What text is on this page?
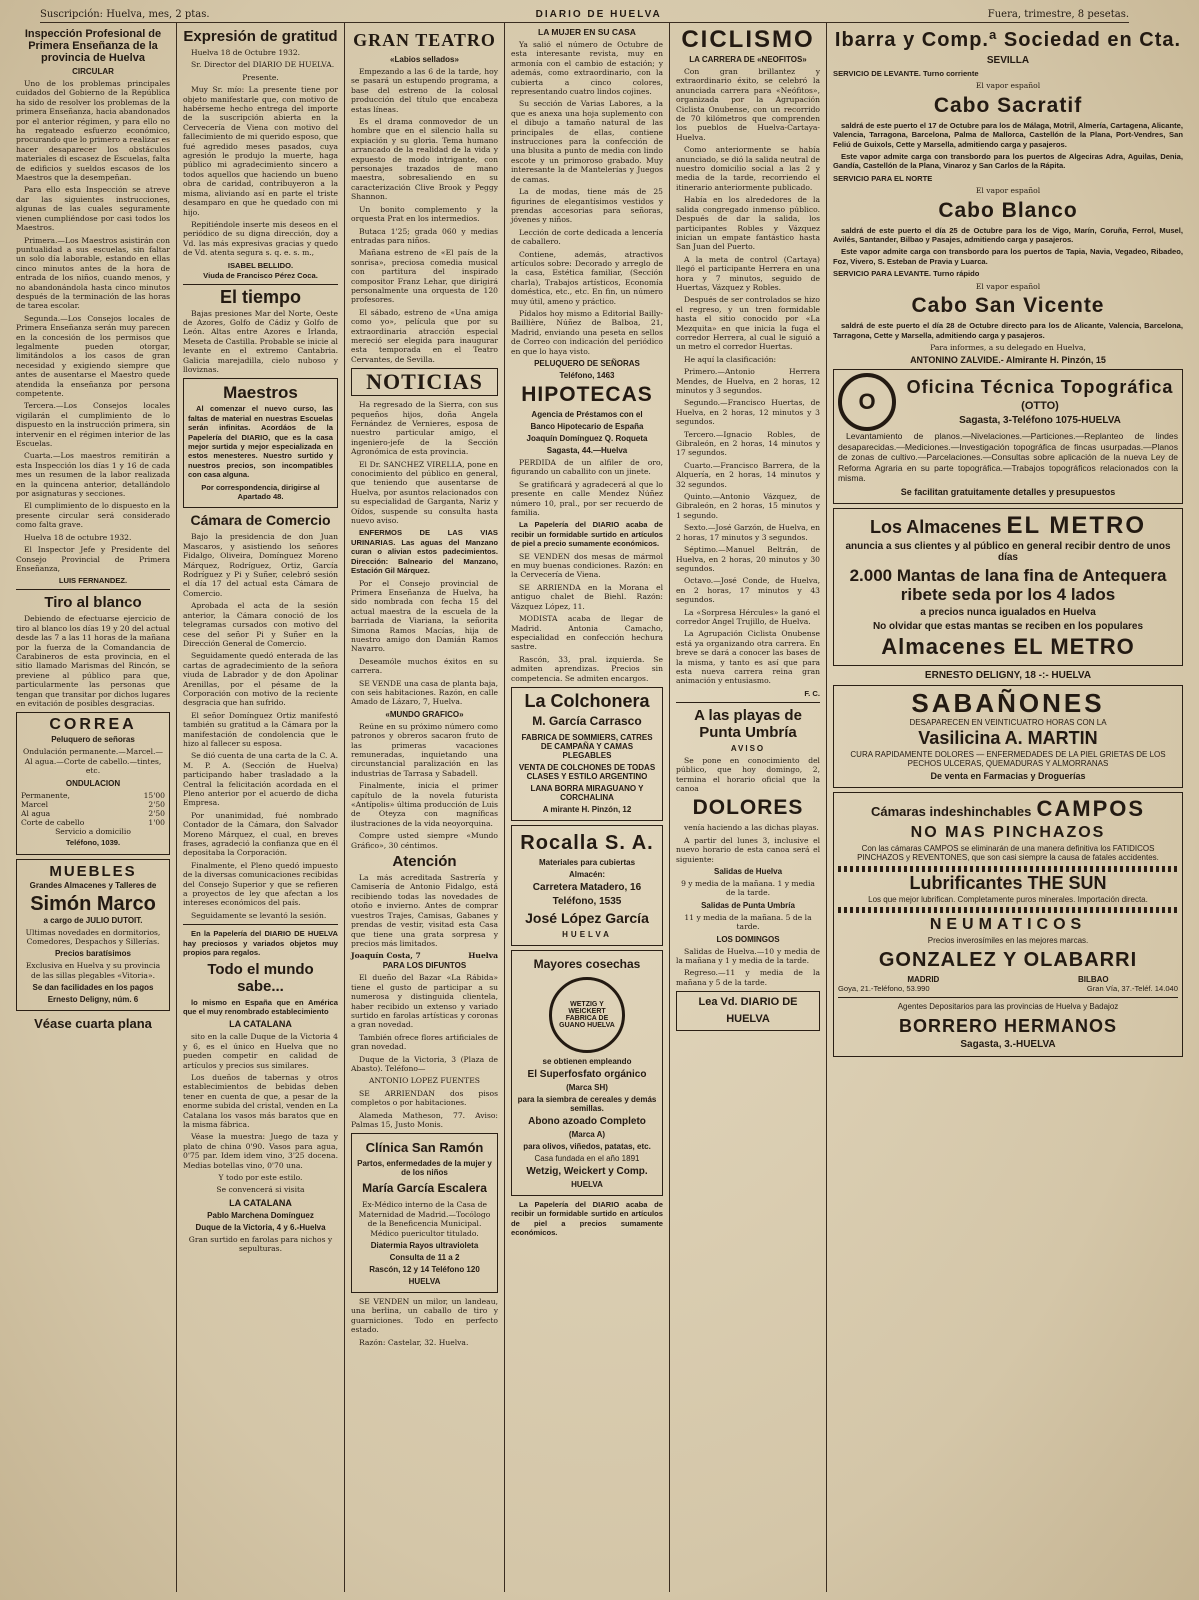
Suscripción: Huelva, mes, 2 ptas.	DIARIO DE HUELVA	Fuera, trimestre, 8 pesetas.
Inspección Profesional de Primera Enseñanza de la provincia de Huelva
CIRCULAR

Uno de los problemas principales cuidados del Gobierno de la República ha sido de resolver los problemas de la primera Enseñanza, hacia abandonados por el anterior régimen, y para ello no ha regateado esfuerzo económico, procurando que lo primero a realizar es hacer desaparecer los obstáculos materiales di escasez de Escuelas, falta de edificios y sueldos escasos de los Maestros que la desempeñan.

Para ello esta Inspección se atreve dar las siguientes instrucciones, algunas de las cuales seguramente vienen cumpliéndose por casi todos los Maestros.

Primera.—Los Maestros asistirán con puntualidad a sus escuelas, sin faltar un solo día laborable, estando en ellas cinco minutos antes de la hora de entrada de los niños, cuando menos, y no abandonándola hasta cinco minutos después de la terminación de las horas de tarea escolar.

Segunda.—Los Consejos locales de Primera Enseñanza serán muy parecen en la concesión de los permisos que legalmente pueden otorgar, limitándolos a los casos de gran necesidad y exigiendo siempre que antes de ausentarse el Maestro quede atendida la enseñanza por persona competente.

Tercera.—Los Consejos locales vigilarán el cumplimiento de lo dispuesto en la instrucción primera, sin intervenir en el régimen interior de las Escuelas.

Cuarta.—Los maestros remitirán a esta Inspección los días 1 y 16 de cada mes un resumen de la labor realizada en la quincena anterior, detallándolo por asignaturas y secciones.

El cumplimiento de lo dispuesto en la presente circular será considerado como falta grave.

Huelva 18 de octubre 1932.

El Inspector Jefe y Presidente del Consejo Provincial de Primera Enseñanza,

LUIS FERNANDEZ.
Tiro al blanco

Debiendo de efectuarse ejercicio de tiro al blanco los días 19 y 20 del actual desde las 7 a las 11 horas de la mañana por la fuerza de la Comandancia de Carabineros de esta provincia, en el sitio llamado Marismas del Rincón, se previene al público para que, particularmente las personas que tengan que transitar por dichos lugares en evitación de posibles desgracias.

CORREA
Peluquero de señoras

Ondulación permanente.—Marcel.—Al agua.—Corte de cabello.—tintes, etc.

ONDULACION
Permanente,	15'00
Marcel	2'50
Al agua	2'50
Corte de cabello	1'00
Servicio a domicilio
Teléfono, 1039.
MUEBLES
Grandes Almacenes y Talleres de
Simón Marco
a cargo de JULIO DUTOIT.

Ultimas novedades en dormitorios, Comedores, Despachos y Sillerías.

Precios baratísimos

Exclusiva en Huelva y su provincia de las sillas plegables «Vitoria».

Se dan facilidades en los pagos
Ernesto Deligny, núm. 6
Véase cuarta plana
Expresión de gratitud

Huelva 18 de Octubre 1932.

Sr. Director del DIARIO DE HUELVA.

Presente.

Muy Sr. mío: La presente tiene por objeto manifestarle que, con motivo de habérseme hecho entrega del importe de la suscripción abierta en la Cervecería de Viena con motivo del fallecimiento de mi querido esposo, que fué agredido meses pasados, cuya agresión le produjo la muerte, haga público mi agradecimiento sincero a todos aquellos que haciendo un bueno obra de caridad, contribuyeron a la misma, aliviando así en parte el triste desamparo en que he quedado con mi hijo.

Repitiéndole inserte mis deseos en el periódico de su digna dirección, doy a Vd. las más expresivas gracias y quedo de Vd. atenta segura s. q. e. s. m.,

ISABEL BELLIDO.
Viuda de Francisco Pérez Coca.
El tiempo

Bajas presiones Mar del Norte, Oeste de Azores, Golfo de Cádiz y Golfo de León. Altas entre Azores e Irlanda, Meseta de Castilla. Probable se inicie al levante en el extremo Cantabria. Galicia marejadilla, cielo nuboso y lloviznas.

Maestros

Al comenzar el nuevo curso, las faltas de material en nuestras Escuelas serán infinitas. Acordáos de la Papelería del DIARIO, que es la casa mejor surtida y mejor especializada en estos menesteres. Nuestro surtido y nuestros precios, son incompatibles con casa alguna.

Por correspondencia, dirigirse al Apartado 48.

Cámara de Comercio

Bajo la presidencia de don Juan Mascaros, y asistiendo los señores Fidalgo, Oliveira, Domínguez Moreno Márquez, Rodríguez, Ortiz, García Rodríguez y Pi y Suñer, celebró sesión el día 17 del actual esta Cámara de Comercio.

Aprobada el acta de la sesión anterior, la Cámara conoció de los telegramas cursados con motivo del cese del señor Pi y Suñer en la Dirección General de Comercio.

Seguidamente quedó enterada de las cartas de agradecimiento de la señora viuda de Labrador y de don Apolinar Arenillas, por el pésame de la Corporación con motivo de la reciente desgracia que han sufrido.

El señor Domínguez Ortiz manifestó también su gratitud a la Cámara por la manifestación de condolencia que le hizo al fallecer su esposa.

Se dió cuenta de una carta de la C. A. M. P. A. (Sección de Huelva) participando haber trasladado a la Central la felicitación acordada en el Pleno anterior por el acuerdo de dicha Empresa.

Por unanimidad, fué nombrado Contador de la Cámara, don Salvador Moreno Márquez, el cual, en breves frases, agradeció la confianza que en él depositaba la Corporación.

Finalmente, el Pleno quedó impuesto de la diversas comunicaciones recibidas del Consejo Superior y que se refieren a proyectos de ley que afectan a los intereses económicos del país.

Seguidamente se levantó la sesión.

En la Papelería del DIARIO DE HUELVA hay preciosos y variados objetos muy propios para regalos.

Todo el mundo sabe...

lo mismo en España que en América que el muy renombrado establecimiento

LA CATALANA

sito en la calle Duque de la Victoria 4 y 6, es el único en Huelva que no pueden competir en calidad de artículos y precios sus similares.

Los dueños de tabernas y otros establecimientos de bebidas deben tener en cuenta de que, a pesar de la enorme subida del cristal, venden en La Catalana los vasos más baratos que en la misma fábrica.

Véase la muestra: Juego de taza y plato de china 0'90. Vasos para agua, 0'75 par. Idem idem vino, 3'25 docena. Medias botellas vino, 0'70 una.

Y todo por este estilo.

Se convencerá si visita

LA CATALANA
Pablo Marchena Domínguez
Duque de la Victoria, 4 y 6.-Huelva

Gran surtido en farolas para nichos y sepulturas.

GRAN TEATRO
«Labios sellados»

Empezando a las 6 de la tarde, hoy se pasará un estupendo programa, a base del estreno de la colosal producción del título que encabeza estas líneas.

Es el drama conmovedor de un hombre que en el silencio halla su expiación y su gloria. Tema humano arrancado de la realidad de la vida y expuesto de modo intrigante, con personajes trazados de mano maestra, sobresaliendo en su caracterización Clive Brook y Peggy Shannon.

Un bonito complemento y la orquesta Prat en los intermedios.

Butaca 1'25; grada 060 y medias entradas para niños.

Mañana estreno de «El país de la sonrisa», preciosa comedia musical con partitura del inspirado compositor Franz Lehar, que dirigirá personalmente una orquesta de 120 profesores.

El sábado, estreno de «Una amiga como yo», película que por su extraordinaria atracción especial mereció ser elegida para inaugurar esta temporada en el Teatro Cervantes, de Sevilla.

NOTICIAS

Ha regresado de la Sierra, con sus pequeños hijos, doña Angela Fernández de Vernieres, esposa de nuestro particular amigo, el ingeniero-jefe de la Sección Agronómica de esta provincia.

El Dr. SANCHEZ VIRELLA, pone en conocimiento del público en general, que teniendo que ausentarse de Huelva, por asuntos relacionados con su especialidad de Garganta, Nariz y Oídos, suspende su consulta hasta nuevo aviso.

ENFERMOS DE LAS VIAS URINARIAS. Las aguas del Manzano curan o alivian estos padecimientos. Dirección: Balneario del Manzano, Estación Gil Márquez.

Por el Consejo provincial de Primera Enseñanza de Huelva, ha sido nombrada con fecha 15 del actual maestra de la escuela de la barriada de Viariana, la señorita Simona Ramos Macías, hija de nuestro amigo don Damián Ramos Navarro.

Deseamóle muchos éxitos en su carrera.

SE VENDE una casa de planta baja, con seis habitaciones. Razón, en calle Amado de Lázaro, 7, Huelva.

«MUNDO GRAFICO»

Reúne en su próximo número como patronos y obreros sacaron fruto de las primeras vacaciones remuneradas, inquietando una circunstancial paralización en las industrias de Tarrasa y Sabadell.

Finalmente, inicia el primer capítulo de la novela futurista «Antípolis» última producción de Luis de Oteyza con magníficas ilustraciones de la vida neoyorquina.

Compre usted siempre «Mundo Gráfico», 30 céntimos.

Atención

La más acreditada Sastrería y Camisería de Antonio Fidalgo, está recibiendo todas las novedades de otoño e invierno. Antes de comprar vuestros Trajes, Camisas, Gabanes y prendas de vestir, visitad esta Casa que tiene una grata sorpresa y precios más limitados.

Joaquín Costa, 7	Huelva
PARA LOS DIFUNTOS

El dueño del Bazar «La Rábida» tiene el gusto de participar a su numerosa y distinguida clientela, haber recibido un extenso y variado surtido en farolas artísticas y coronas a gran novedad.

También ofrece flores artificiales de gran novedad.

Duque de la Victoria, 3 (Plaza de Abasto). Teléfono—

ANTONIO LOPEZ FUENTES

SE ARRIENDAN dos pisos completos o por habitaciones.

Alameda Matheson, 77. Aviso: Palmas 15, Justo Monis.

Clínica San Ramón
Partos, enfermedades de la mujer y de los niños
María García Escalera

Ex-Médico interno de la Casa de Maternidad de Madrid.—Tocólogo de la Beneficencia Municipal. Médico puericultor titulado.

Diatermia Rayos ultravioleta
Consulta de 11 a 2
Rascón, 12 y 14 Teléfono 120
HUELVA

SE VENDEN un milor, un landeau, una berlina, un caballo de tiro y guarniciones. Todo en perfecto estado.

Razón: Castelar, 32. Huelva.

LA MUJER EN SU CASA

Ya salió el número de Octubre de esta interesante revista, muy en armonía con el cambio de estación; y además, como extraordinario, con la cubierta a cinco colores, representando cuatro lindos cojines.

Su sección de Varias Labores, a la que es anexa una hoja suplemento con el dibujo a tamaño natural de las principales de ellas, contiene instrucciones para la confección de una blusita a punto de media con lindo escote y un primoroso grabado. Muy interesante la de Mantelerías y Juegos de camas.

La de modas, tiene más de 25 figurines de elegantísimos vestidos y prendas accesorias para señoras, jóvenes y niños.

Lección de corte dedicada a lencería de caballero.

Contiene, además, atractivos artículos sobre: Decorado y arreglo de la casa, Estética familiar, (Sección charla), Trabajos artísticos, Economía doméstica, etc., etc. En fin, un número muy útil, ameno y práctico.

Pídalos hoy mismo a Editorial Bailly-Baillière, Núñez de Balboa, 21, Madrid, enviando una peseta en sellos de Correo con indicación del periódico en que lo haya visto.

PELUQUERO DE SEÑORAS
Teléfono, 1463
HIPOTECAS
Agencia de Préstamos con el
Banco Hipotecario de España
Joaquín Domínguez Q. Roqueta
Sagasta, 44.—Huelva

PERDIDA de un alfiler de oro, figurando un caballito con un jinete.

Se gratificará y agradecerá al que lo presente en calle Mendez Núñez número 10, pral., por ser recuerdo de familia.

La Papelería del DIARIO acaba de recibir un formidable surtido en artículos de piel a precio sumamente económicos.

SE VENDEN dos mesas de mármol en muy buenas condiciones. Razón: en la Cervecería de Viena.

SE ARRIENDA en la Morana el antiguo chalet de Biehl. Razón: Vázquez López, 11.

MODISTA acaba de llegar de Madrid. Antonia Camacho, especialidad en confección hechura sastre.

Rascón, 33, pral. izquierda. Se admiten aprendizas. Precios sin competencia. Se admiten encargos.

La Colchonera
M. García Carrasco
FABRICA DE SOMMIERS, CATRES DE CAMPAÑA Y CAMAS PLEGABLES
VENTA DE COLCHONES DE TODAS CLASES Y ESTILO ARGENTINO
LANA BORRA MIRAGUANO Y CORCHALINA
A mirante H. Pinzón, 12
Rocalla S. A.
Materiales para cubiertas
Almacén:
Carretera Matadero, 16
Teléfono, 1535
José López García
HUELVA
Mayores cosechas
WETZIG Y WEICKERT FABRICA DE GUANO HUELVA
se obtienen empleando
El Superfosfato orgánico
(Marca SH)
para la siembra de cereales y demás semillas.
Abono azoado Completo
(Marca A)
para olivos, viñedos, patatas, etc.
Casa fundada en el año 1891
Wetzig, Weickert y Comp.
HUELVA

La Papelería del DIARIO acaba de recibir un formidable surtido en artículos de piel a precios sumamente económicos.

CICLISMO
LA CARRERA DE «NEOFITOS»

Con gran brillantez y extraordinario éxito, se celebró la anunciada carrera para «Neófitos», organizada por la Agrupación Ciclista Onubense, con un recorrido de 70 kilómetros que comprenden los pueblos de Huelva-Cartaya-Huelva.

Como anteriormente se había anunciado, se dió la salida neutral de nuestro domicilio social a las 2 y media de la tarde, recorriendo el itinerario anteriormente publicado.

Había en los alrededores de la salida congregado inmenso público. Después de dar la salida, los participantes Robles y Vázquez inician un empate fantástico hasta San Juan del Puerto.

A la meta de control (Cartaya) llegó el participante Herrera en una hora y 7 minutos, seguido de Huertas, Vázquez y Robles.

Después de ser controlados se hizo el regreso, y un tren formidable hasta el sitio conocido por «La Mezquita» en que inicia la fuga el corredor Herrera, al cual le siguió a un metro el corredor Huertas.

He aquí la clasificación:

Primero.—Antonio Herrera Mendes, de Huelva, en 2 horas, 12 minutos y 3 segundos.

Segundo.—Francisco Huertas, de Huelva, en 2 horas, 12 minutos y 3 segundos.

Tercero.—Ignacio Robles, de Gibraleón, en 2 horas, 14 minutos y 17 segundos.

Cuarto.—Francisco Barrera, de la Alquería, en 2 horas, 14 minutos y 32 segundos.

Quinto.—Antonio Vázquez, de Gibraleón, en 2 horas, 15 minutos y 1 segundo.

Sexto.—José Garzón, de Huelva, en 2 horas, 17 minutos y 3 segundos.

Séptimo.—Manuel Beltrán, de Huelva, en 2 horas, 20 minutos y 30 segundos.

Octavo.—José Conde, de Huelva, en 2 horas, 17 minutos y 43 segundos.

La «Sorpresa Hércules» la ganó el corredor Angel Trujillo, de Huelva.

La Agrupación Ciclista Onubense está ya organizando otra carrera. En breve se dará a conocer las bases de la misma, y tanto es así que para esta nueva carrera reina gran animación y entusiasmo.

F. C.
A las playas de Punta Umbría
AVISO

Se pone en conocimiento del público, que hoy domingo, 2, termina el horario oficial que la canoa

DOLORES

venía haciendo a las dichas playas.

A partir del lunes 3, inclusive el nuevo horario de esta canoa será el siguiente:

Salidas de Huelva

9 y media de la mañana. 1 y media de la tarde.

Salidas de Punta Umbría

11 y media de la mañana. 5 de la tarde.

LOS DOMINGOS

Salidas de Huelva.—10 y media de la mañana y 1 y media de la tarde.

Regreso.—11 y media de la mañana y 5 de la tarde.

Lea Vd. DIARIO DE HUELVA
Ibarra y Comp.ª Sociedad en Cta.
SEVILLA

SERVICIO DE LEVANTE. Turno corriente

El vapor español

Cabo Sacratif

saldrá de este puerto el 17 de Octubre para los de Málaga, Motril, Almería, Cartagena, Alicante, Valencia, Tarragona, Barcelona, Palma de Mallorca, Castellón de la Plana, Port-Vendres, San Feliú de Guixols, Cette y Marsella, admitiendo carga y pasajeros.

Este vapor admite carga con transbordo para los puertos de Algeciras Adra, Aguilas, Denia, Gandía, Castellón de la Plana, Vinaroz y San Carlos de la Rápita.

SERVICIO PARA EL NORTE

El vapor español

Cabo Blanco

saldrá de este puerto el día 25 de Octubre para los de Vigo, Marín, Coruña, Ferrol, Musel, Avilés, Santander, Bilbao y Pasajes, admitiendo carga y pasajeros.

Este vapor admite carga con transbordo para los puertos de Tapia, Navia, Vegadeo, Ribadeo, Foz, Vivero, S. Esteban de Pravia y Luarca.

SERVICIO PARA LEVANTE. Turno rápido

El vapor español

Cabo San Vicente

saldrá de este puerto el día 28 de Octubre directo para los de Alicante, Valencia, Barcelona, Tarragona, Cette y Marsella, admitiendo carga y pasajeros.

Para informes, a su delegado en Huelva,

ANTONINO ZALVIDE.- Almirante H. Pinzón, 15
O
Oficina Técnica Topográfica
(OTTO)
Sagasta, 3-Teléfono 1075-HUELVA

Levantamiento de planos.—Nivelaciones.—Particiones.—Replanteo de lindes desaparecidas.—Mediciones.—Investigación topográfica de fincas usurpadas.—Planos de zonas de cultivo.—Parcelaciones.—Consultas sobre aplicación de la nueva Ley de Reforma Agraria en su parte topográfica.—Trabajos topográficos relacionados con la misma.

Se facilitan gratuitamente detalles y presupuestos
Los Almacenes EL METRO
anuncia a sus clientes y al público en general recibir dentro de unos días
2.000 Mantas de lana fina de Antequera ribete seda por los 4 lados
a precios nunca igualados en Huelva
No olvidar que estas mantas se reciben en los populares
Almacenes EL METRO
ERNESTO DELIGNY, 18 -:- HUELVA
SABAÑONES
DESAPARECEN EN VEINTICUATRO HORAS CON LA
Vasilicina A. MARTIN
CURA RAPIDAMENTE DOLORES — ENFERMEDADES DE LA PIEL GRIETAS DE LOS PECHOS ULCERAS, QUEMADURAS Y ALMORRANAS
De venta en Farmacias y Droguerías
Cámaras indeshinchables CAMPOS
NO MAS PINCHAZOS

Con las cámaras CAMPOS se eliminarán de una manera definitiva los FATIDICOS PINCHAZOS y REVENTONES, que son casi siempre la causa de fatales accidentes.

Lubrificantes THE SUN

Los que mejor lubrifican. Completamente puros minerales. Importación directa.

NEUMATICOS

Precios inverosímiles en las mejores marcas.

GONZALEZ Y OLABARRI
MADRID	BILBAO
Goya, 21.-Teléfono, 53.990	Gran Vía, 37.-Teléf. 14.040
Agentes Depositarios para las provincias de Huelva y Badajoz
BORRERO HERMANOS
Sagasta, 3.-HUELVA
